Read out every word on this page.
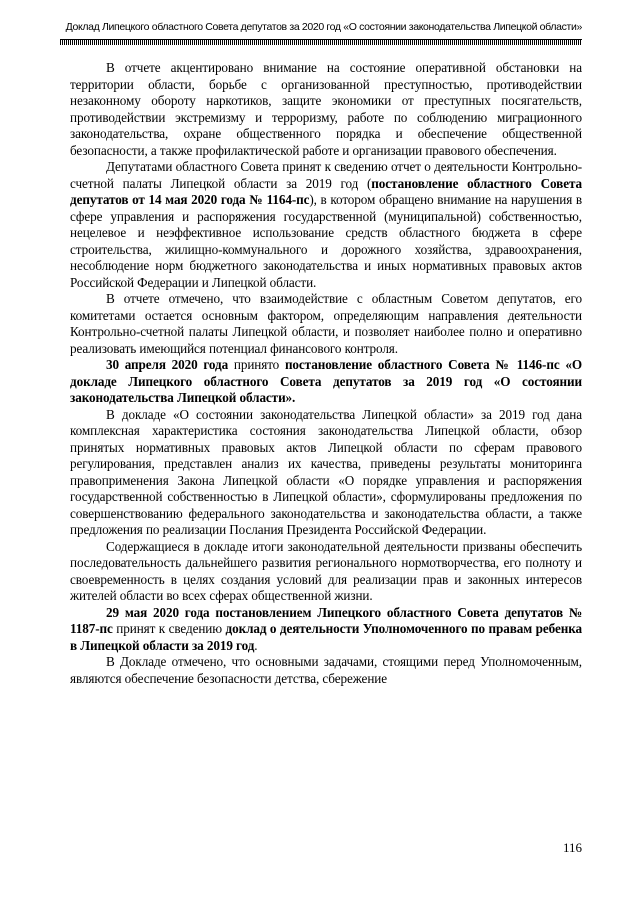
Доклад Липецкого областного Совета депутатов за 2020 год «О состоянии законодательства Липецкой области»

В отчете акцентировано внимание на состояние оперативной обстановки на территории области, борьбе с организованной преступностью, противодействии незаконному обороту наркотиков, защите экономики от преступных посягательств, противодействии экстремизму и терроризму, работе по соблюдению миграционного законодательства, охране общественного порядка и обеспечение общественной безопасности, а также профилактической работе и организации правового обеспечения.

Депутатами областного Совета принят к сведению отчет о деятельности Контрольно-счетной палаты Липецкой области за 2019 год (постановление областного Совета депутатов от 14 мая 2020 года № 1164-пс), в котором обращено внимание на нарушения в сфере управления и распоряжения государственной (муниципальной) собственностью, нецелевое и неэффективное использование средств областного бюджета в сфере строительства, жилищно-коммунального и дорожного хозяйства, здравоохранения, несоблюдение норм бюджетного законодательства и иных нормативных правовых актов Российской Федерации и Липецкой области.

В отчете отмечено, что взаимодействие с областным Советом депутатов, его комитетами остается основным фактором, определяющим направления деятельности Контрольно-счетной палаты Липецкой области, и позволяет наиболее полно и оперативно реализовать имеющийся потенциал финансового контроля.

30 апреля 2020 года принято постановление областного Совета № 1146-пс «О докладе Липецкого областного Совета депутатов за 2019 год «О состоянии законодательства Липецкой области».

В докладе «О состоянии законодательства Липецкой области» за 2019 год дана комплексная характеристика состояния законодательства Липецкой области, обзор принятых нормативных правовых актов Липецкой области по сферам правового регулирования, представлен анализ их качества, приведены результаты мониторинга правоприменения Закона Липецкой области «О порядке управления и распоряжения государственной собственностью в Липецкой области», сформулированы предложения по совершенствованию федерального законодательства и законодательства области, а также предложения по реализации Послания Президента Российской Федерации.

Содержащиеся в докладе итоги законодательной деятельности призваны обеспечить последовательность дальнейшего развития регионального нормотворчества, его полноту и своевременность в целях создания условий для реализации прав и законных интересов жителей области во всех сферах общественной жизни.

29 мая 2020 года постановлением Липецкого областного Совета депутатов № 1187-пс принят к сведению доклад о деятельности Уполномоченного по правам ребенка в Липецкой области за 2019 год.

В Докладе отмечено, что основными задачами, стоящими перед Уполномоченным, являются обеспечение безопасности детства, сбережение

116
